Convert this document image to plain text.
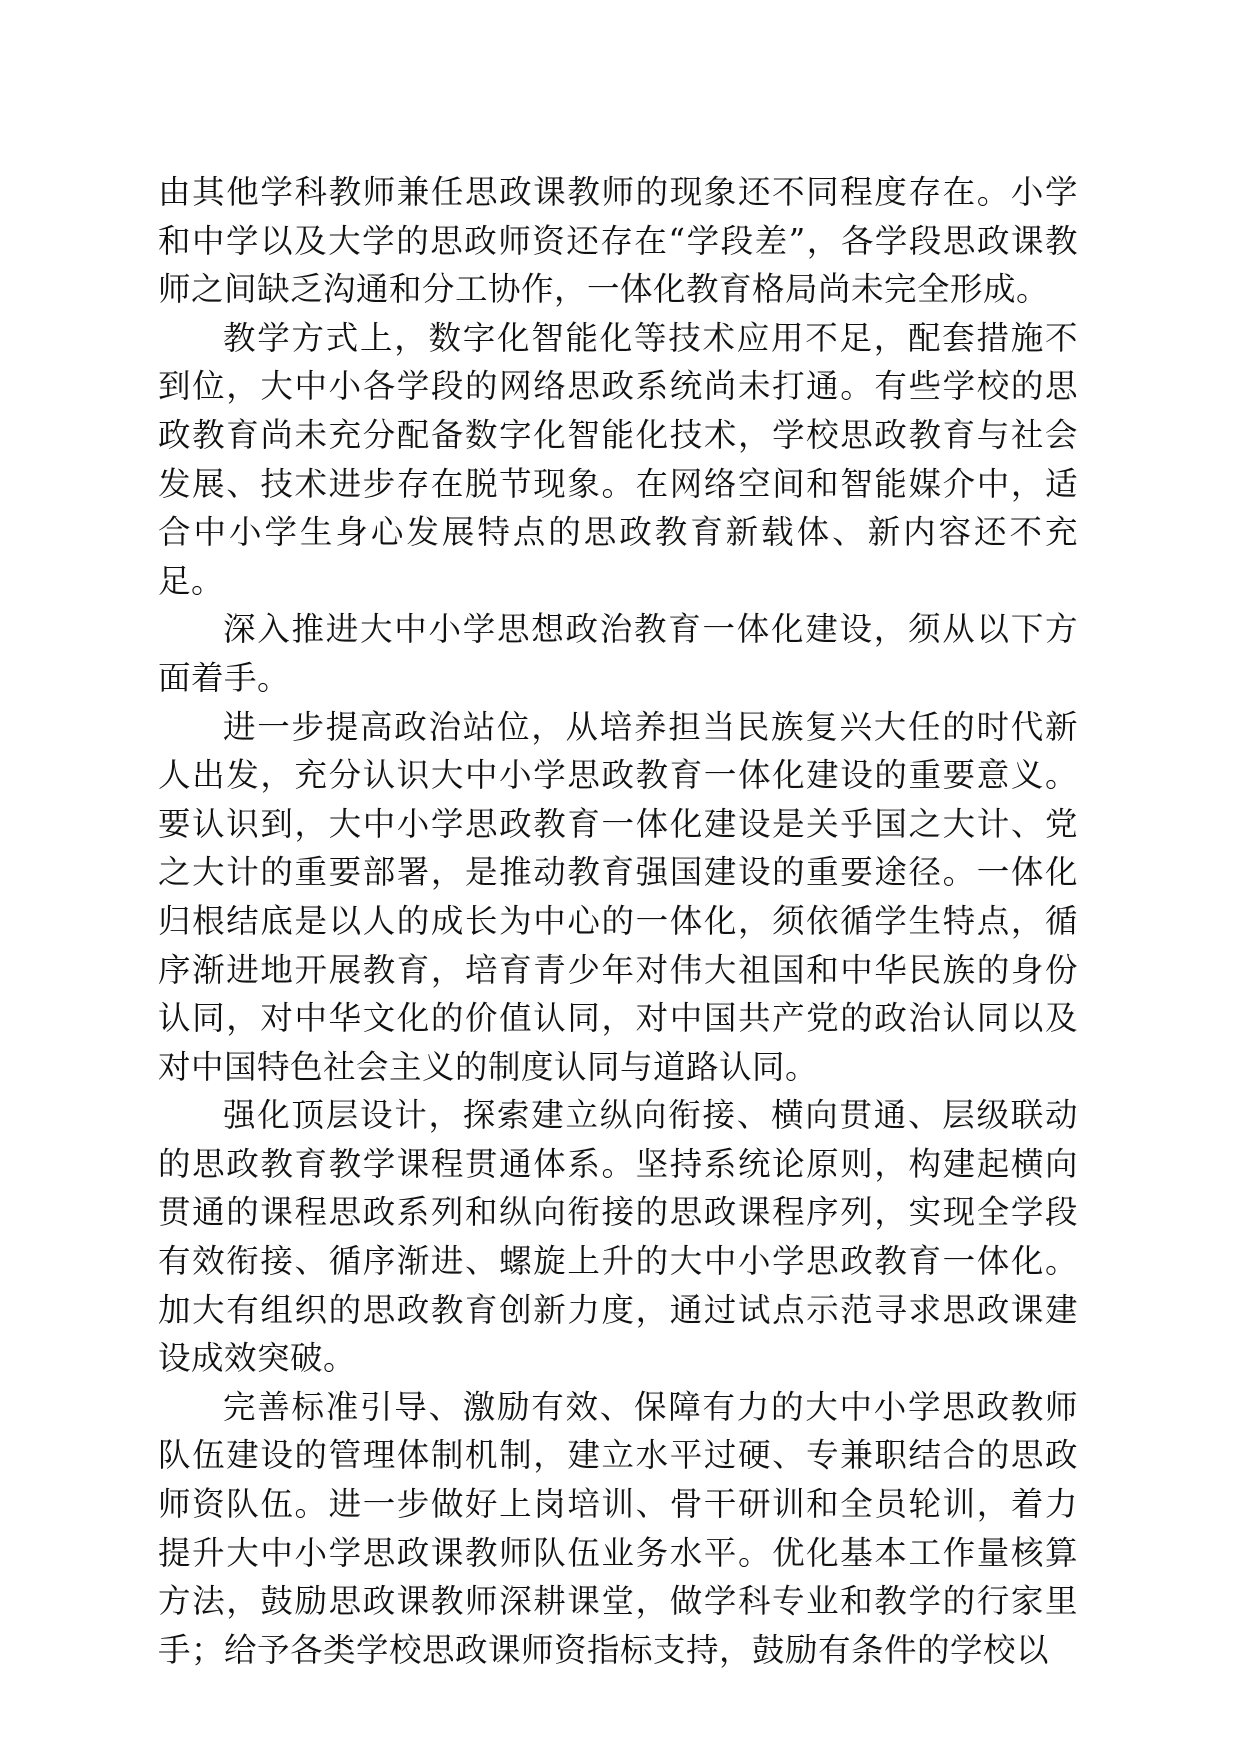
由其他学科教师兼任思政课教师的现象还不同程度存在。小学和中学以及大学的思政师资还存在“学段差”，各学段思政课教师之间缺乏沟通和分工协作，一体化教育格局尚未完全形成。

教学方式上，数字化智能化等技术应用不足，配套措施不到位，大中小各学段的网络思政系统尚未打通。有些学校的思政教育尚未充分配备数字化智能化技术，学校思政教育与社会发展、技术进步存在脱节现象。在网络空间和智能媒介中，适合中小学生身心发展特点的思政教育新载体、新内容还不充足。

深入推进大中小学思想政治教育一体化建设，须从以下方面着手。

进一步提高政治站位，从培养担当民族复兴大任的时代新人出发，充分认识大中小学思政教育一体化建设的重要意义。要认识到，大中小学思政教育一体化建设是关乎国之大计、党之大计的重要部署，是推动教育强国建设的重要途径。一体化归根结底是以人的成长为中心的一体化，须依循学生特点，循序渐进地开展教育，培育青少年对伟大祖国和中华民族的身份认同，对中华文化的价值认同，对中国共产党的政治认同以及对中国特色社会主义的制度认同与道路认同。

强化顶层设计，探索建立纵向衔接、横向贯通、层级联动的思政教育教学课程贯通体系。坚持系统论原则，构建起横向贯通的课程思政系列和纵向衔接的思政课程序列，实现全学段有效衔接、循序渐进、螺旋上升的大中小学思政教育一体化。加大有组织的思政教育创新力度，通过试点示范寻求思政课建设成效突破。

完善标准引导、激励有效、保障有力的大中小学思政教师队伍建设的管理体制机制，建立水平过硬、专兼职结合的思政师资队伍。进一步做好上岗培训、骨干研训和全员轮训，着力提升大中小学思政课教师队伍业务水平。优化基本工作量核算方法，鼓励思政课教师深耕课堂，做学科专业和教学的行家里手；给予各类学校思政课师资指标支持，鼓励有条件的学校以
